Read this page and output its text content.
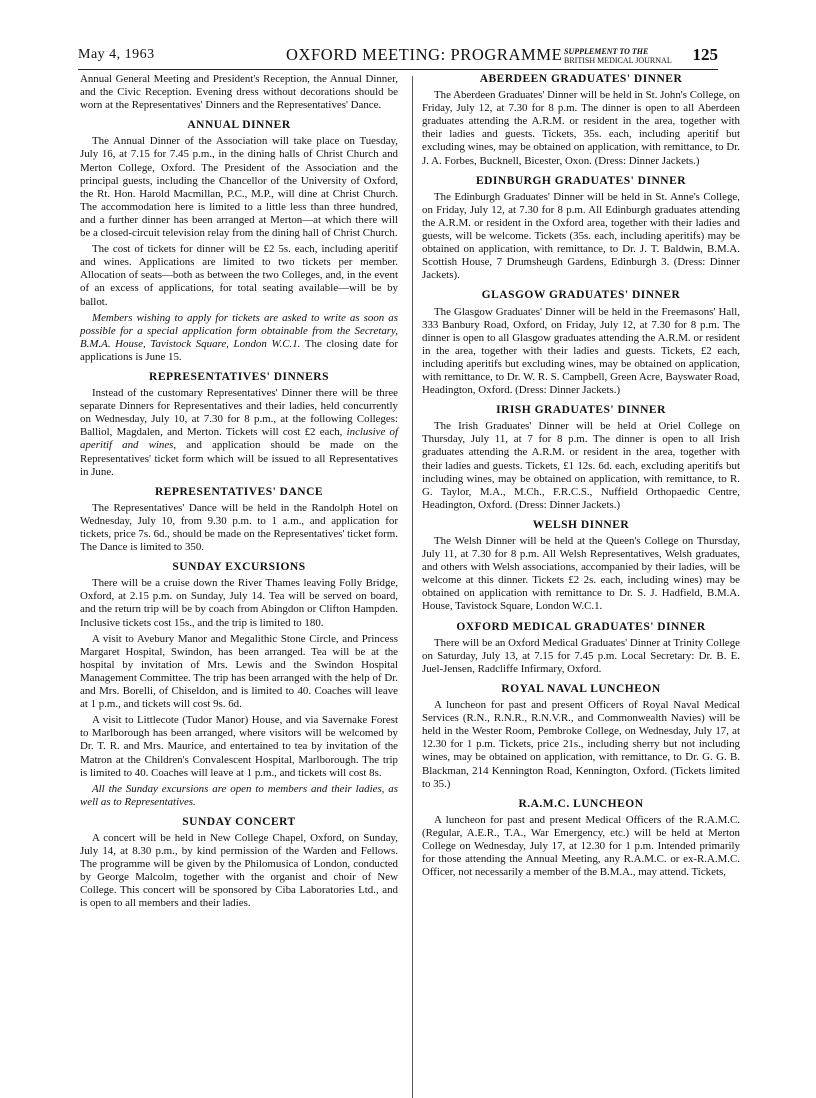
May 4, 1963	OXFORD MEETING: PROGRAMME SUPPLEMENT TO THE
BRITISH MEDICAL JOURNAL 125

Annual General Meeting and President's Reception, the Annual Dinner, and the Civic Reception. Evening dress without decorations should be worn at the Representatives' Dinners and the Representatives' Dance.

ANNUAL DINNER

The Annual Dinner of the Association will take place on Tuesday, July 16, at 7.15 for 7.45 p.m., in the dining halls of Christ Church and Merton College, Oxford. The President of the Association and the principal guests, including the Chancellor of the University of Oxford, the Rt. Hon. Harold Macmillan, P.C., M.P., will dine at Christ Church. The accommodation here is limited to a little less than three hundred, and a further dinner has been arranged at Merton—at which there will be a closed-circuit television relay from the dining hall of Christ Church.

The cost of tickets for dinner will be £2 5s. each, including aperitif and wines. Applications are limited to two tickets per member. Allocation of seats—both as between the two Colleges, and, in the event of an excess of applications, for total seating available—will be by ballot.

Members wishing to apply for tickets are asked to write as soon as possible for a special application form obtainable from the Secretary, B.M.A. House, Tavistock Square, London W.C.1. The closing date for applications is June 15.

REPRESENTATIVES' DINNERS

Instead of the customary Representatives' Dinner there will be three separate Dinners for Representatives and their ladies, held concurrently on Wednesday, July 10, at 7.30 for 8 p.m., at the following Colleges: Balliol, Magdalen, and Merton. Tickets will cost £2 each, inclusive of aperitif and wines, and application should be made on the Representatives' ticket form which will be issued to all Representatives in June.

REPRESENTATIVES' DANCE

The Representatives' Dance will be held in the Randolph Hotel on Wednesday, July 10, from 9.30 p.m. to 1 a.m., and application for tickets, price 7s. 6d., should be made on the Representatives' ticket form. The Dance is limited to 350.

SUNDAY EXCURSIONS

There will be a cruise down the River Thames leaving Folly Bridge, Oxford, at 2.15 p.m. on Sunday, July 14. Tea will be served on board, and the return trip will be by coach from Abingdon or Clifton Hampden. Inclusive tickets cost 15s., and the trip is limited to 180.

A visit to Avebury Manor and Megalithic Stone Circle, and Princess Margaret Hospital, Swindon, has been arranged. Tea will be at the hospital by invitation of Mrs. Lewis and the Swindon Hospital Management Committee. The trip has been arranged with the help of Dr. and Mrs. Borelli, of Chiseldon, and is limited to 40. Coaches will leave at 1 p.m., and tickets will cost 9s. 6d.

A visit to Littlecote (Tudor Manor) House, and via Savernake Forest to Marlborough has been arranged, where visitors will be welcomed by Dr. T. R. and Mrs. Maurice, and entertained to tea by invitation of the Matron at the Children's Convalescent Hospital, Marlborough. The trip is limited to 40. Coaches will leave at 1 p.m., and tickets will cost 8s.

All the Sunday excursions are open to members and their ladies, as well as to Representatives.

SUNDAY CONCERT

A concert will be held in New College Chapel, Oxford, on Sunday, July 14, at 8.30 p.m., by kind permission of the Warden and Fellows. The programme will be given by the Philomusica of London, conducted by George Malcolm, together with the organist and choir of New College. This concert will be sponsored by Ciba Laboratories Ltd., and is open to all members and their ladies.

ABERDEEN GRADUATES' DINNER

The Aberdeen Graduates' Dinner will be held in St. John's College, on Friday, July 12, at 7.30 for 8 p.m. The dinner is open to all Aberdeen graduates attending the A.R.M. or resident in the area, together with their ladies and guests. Tickets, 35s. each, including aperitif but excluding wines, may be obtained on application, with remittance, to Dr. J. A. Forbes, Bucknell, Bicester, Oxon. (Dress: Dinner Jackets.)

EDINBURGH GRADUATES' DINNER

The Edinburgh Graduates' Dinner will be held in St. Anne's College, on Friday, July 12, at 7.30 for 8 p.m. All Edinburgh graduates attending the A.R.M. or resident in the Oxford area, together with their ladies and guests, will be welcome. Tickets (35s. each, including aperitifs) may be obtained on application, with remittance, to Dr. J. T. Baldwin, B.M.A. Scottish House, 7 Drumsheugh Gardens, Edinburgh 3. (Dress: Dinner Jackets).

GLASGOW GRADUATES' DINNER

The Glasgow Graduates' Dinner will be held in the Freemasons' Hall, 333 Banbury Road, Oxford, on Friday, July 12, at 7.30 for 8 p.m. The dinner is open to all Glasgow graduates attending the A.R.M. or resident in the area, together with their ladies and guests. Tickets, £2 each, including aperitifs but excluding wines, may be obtained on application, with remittance, to Dr. W. R. S. Campbell, Green Acre, Bayswater Road, Headington, Oxford. (Dress: Dinner Jackets.)

IRISH GRADUATES' DINNER

The Irish Graduates' Dinner will be held at Oriel College on Thursday, July 11, at 7 for 8 p.m. The dinner is open to all Irish graduates attending the A.R.M. or resident in the area, together with their ladies and guests. Tickets, £1 12s. 6d. each, excluding aperitifs but including wines, may be obtained on application, with remittance, to R. G. Taylor, M.A., M.Ch., F.R.C.S., Nuffield Orthopaedic Centre, Headington, Oxford. (Dress: Dinner Jackets.)

WELSH DINNER

The Welsh Dinner will be held at the Queen's College on Thursday, July 11, at 7.30 for 8 p.m. All Welsh Representatives, Welsh graduates, and others with Welsh associations, accompanied by their ladies, will be welcome at this dinner. Tickets £2 2s. each, including wines) may be obtained on application with remittance to Dr. S. J. Hadfield, B.M.A. House, Tavistock Square, London W.C.1.

OXFORD MEDICAL GRADUATES' DINNER

There will be an Oxford Medical Graduates' Dinner at Trinity College on Saturday, July 13, at 7.15 for 7.45 p.m. Local Secretary: Dr. B. E. Juel-Jensen, Radcliffe Infirmary, Oxford.

ROYAL NAVAL LUNCHEON

A luncheon for past and present Officers of Royal Naval Medical Services (R.N., R.N.R., R.N.V.R., and Commonwealth Navies) will be held in the Wester Room, Pembroke College, on Wednesday, July 17, at 12.30 for 1 p.m. Tickets, price 21s., including sherry but not including wines, may be obtained on application, with remittance, to Dr. G. G. B. Blackman, 214 Kennington Road, Kennington, Oxford. (Tickets limited to 35.)

R.A.M.C. LUNCHEON

A luncheon for past and present Medical Officers of the R.A.M.C. (Regular, A.E.R., T.A., War Emergency, etc.) will be held at Merton College on Wednesday, July 17, at 12.30 for 1 p.m. Intended primarily for those attending the Annual Meeting, any R.A.M.C. or ex-R.A.M.C. Officer, not necessarily a member of the B.M.A., may attend. Tickets,
